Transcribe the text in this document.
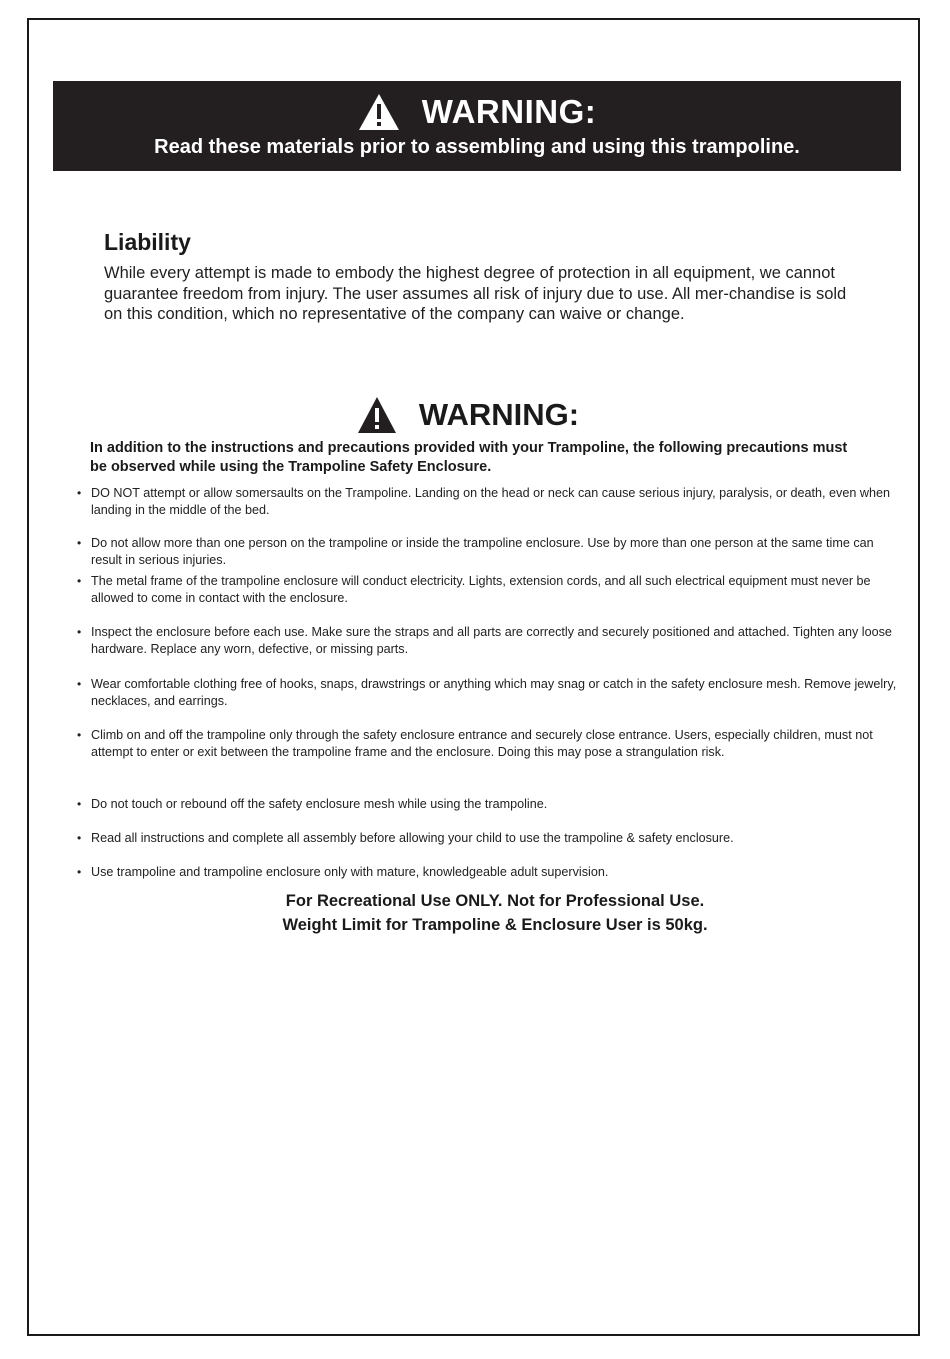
WARNING:
Read these materials prior to assembling and using this trampoline.
Liability
While every attempt is made to embody the highest degree of protection in all equipment, we cannot guarantee freedom from injury. The user assumes all risk of injury due to use. All mer-chandise is sold on this condition, which no representative of the company can waive or change.
WARNING:
In addition to the instructions and precautions provided with your Trampoline, the following precautions must be observed while using the Trampoline Safety Enclosure.
• DO NOT attempt or allow somersaults on the Trampoline. Landing on the head or neck can cause serious injury, paralysis, or death, even when landing in the middle of the bed.
• Do not allow more than one person on the trampoline or inside the trampoline enclosure. Use by more than one person at the same time can result in serious injuries.
• The metal frame of the trampoline enclosure will conduct electricity. Lights, extension cords, and all such electrical equipment must never be allowed to come in contact with the enclosure.
• Inspect the enclosure before each use. Make sure the straps and all parts are correctly and securely positioned and attached. Tighten any loose hardware. Replace any worn, defective, or missing parts.
• Wear comfortable clothing free of hooks, snaps, drawstrings or anything which may snag or catch in the safety enclosure mesh. Remove jewelry, necklaces, and earrings.
• Climb on and off the trampoline only through the safety enclosure entrance and securely close entrance. Users, especially children, must not attempt to enter or exit between the trampoline frame and the enclosure. Doing this may pose a strangulation risk.
• Do not touch or rebound off the safety enclosure mesh while using the trampoline.
• Read all instructions and complete all assembly before allowing your child to use the trampoline & safety enclosure.
• Use trampoline and trampoline enclosure only with mature, knowledgeable adult supervision.
For Recreational Use ONLY. Not for Professional Use.
Weight Limit for Trampoline & Enclosure User is 50kg.
